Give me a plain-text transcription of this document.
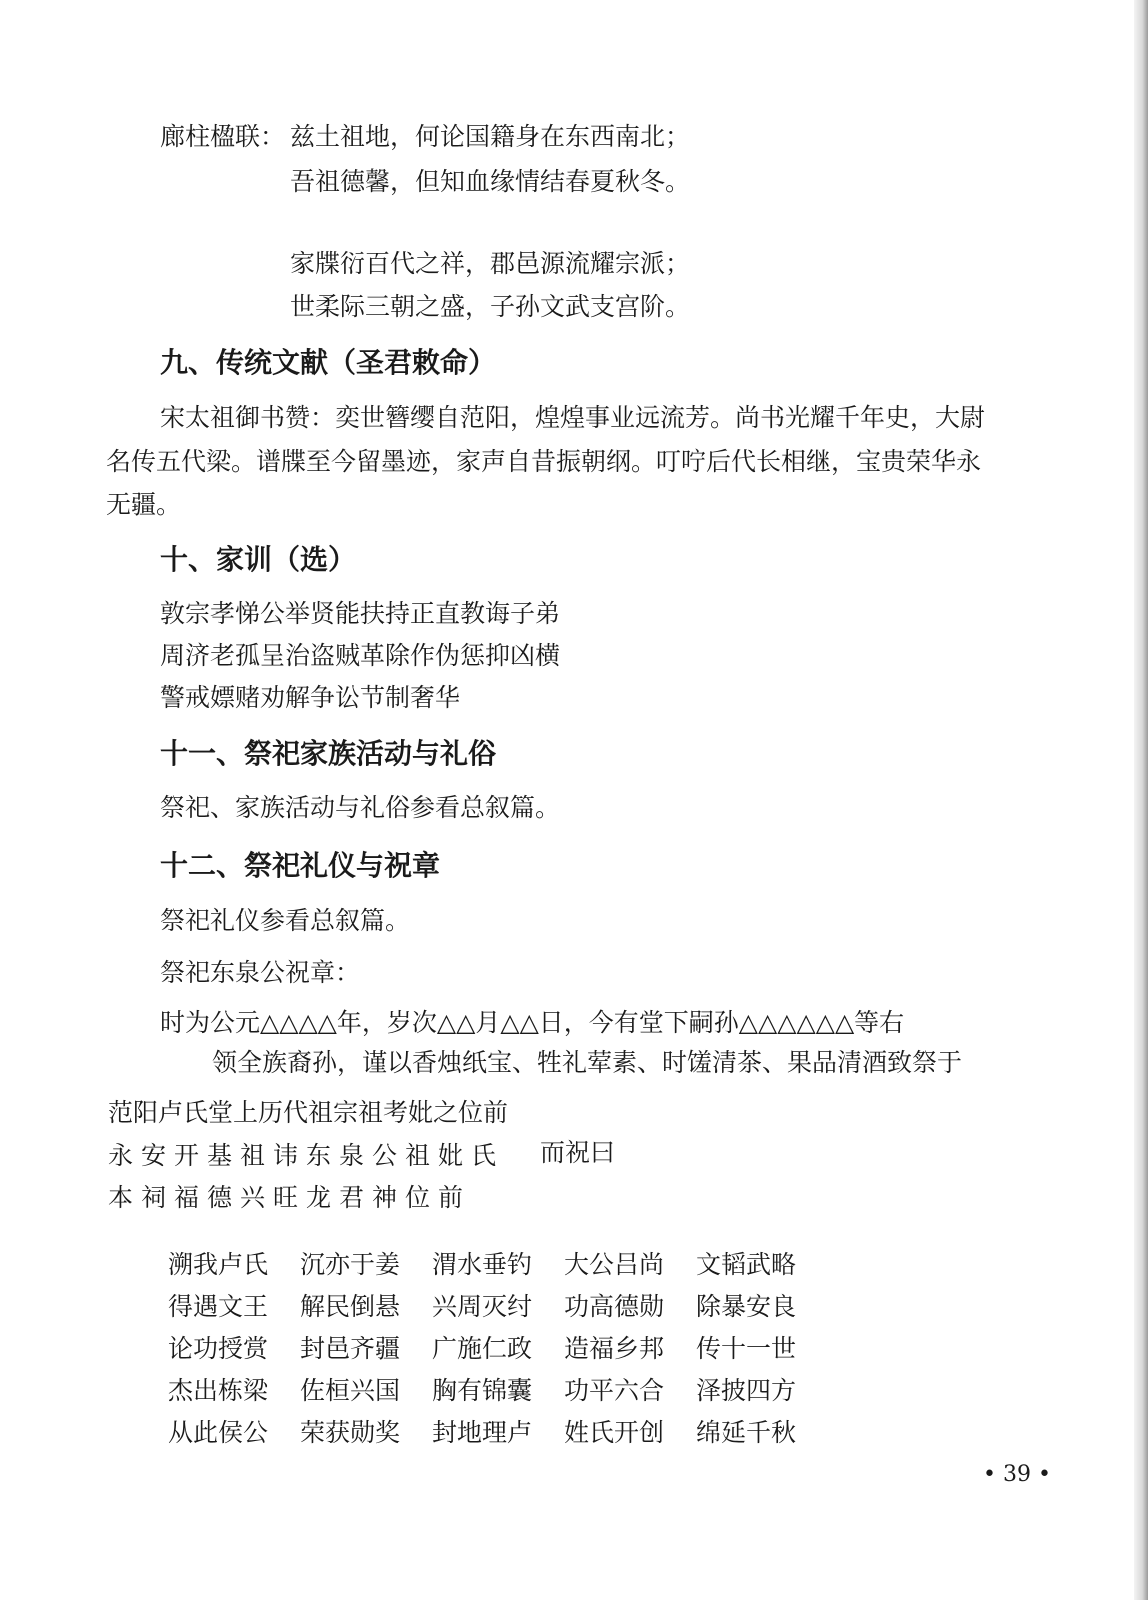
廊柱楹联： 兹土祖地，何论国籍身在东西南北；
吾祖德馨，但知血缘情结春夏秋冬。
家牒衍百代之祥，郡邑源流耀宗派；
世柔际三朝之盛，子孙文武支宫阶。
九、传统文献（圣君敕命）
宋太祖御书赞：奕世簪缨自范阳，煌煌事业远流芳。尚书光耀千年史，大尉
名传五代梁。谱牒至今留墨迹，家声自昔振朝纲。叮咛后代长相继，宝贵荣华永
无疆。
十、家训（选）
敦宗孝悌公举贤能扶持正直教诲子弟
周济老孤呈治盗贼革除作伪惩抑凶横
警戒嫖赌劝解争讼节制奢华
十一、祭祀家族活动与礼俗
祭祀、家族活动与礼俗参看总叙篇。
十二、祭祀礼仪与祝章
祭祀礼仪参看总叙篇。
祭祀东泉公祝章：
时为公元△△△△年，岁次△△月△△日，今有堂下嗣孙△△△△△△等右
领全族裔孙，谨以香烛纸宝、牲礼荤素、时馐清茶、果品清酒致祭于
范阳卢氏堂上历代祖宗祖考妣之位前
永安开基祖讳东泉公祖妣氏
本祠福德兴旺龙君神位前
而祝曰
溯我卢氏	沉亦于姜	渭水垂钓	大公吕尚	文韬武略
得遇文王	解民倒悬	兴周灭纣	功高德勋	除暴安良
论功授赏	封邑齐疆	广施仁政	造福乡邦	传十一世
杰出栋梁	佐桓兴国	胸有锦囊	功平六合	泽披四方
从此侯公	荣获勋奖	封地理卢	姓氏开创	绵延千秋
• 39 •
